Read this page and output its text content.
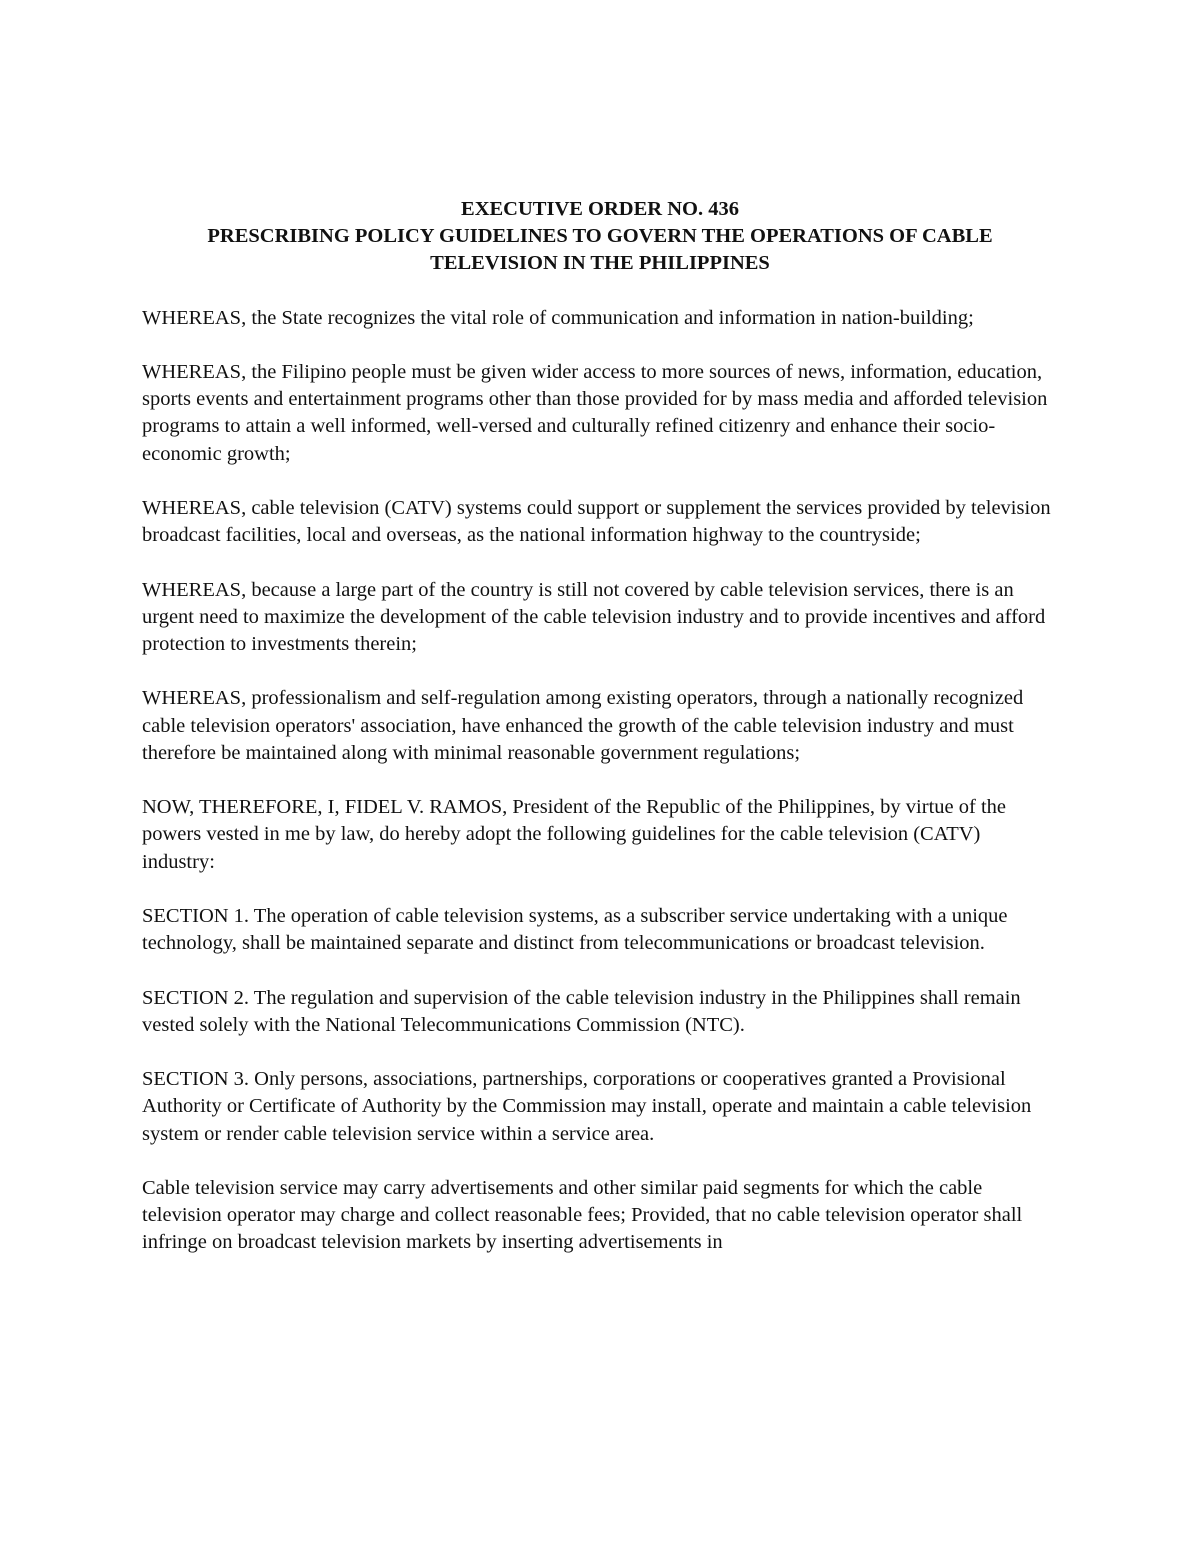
EXECUTIVE ORDER NO. 436
PRESCRIBING POLICY GUIDELINES TO GOVERN THE OPERATIONS OF CABLE
TELEVISION IN THE PHILIPPINES

WHEREAS, the State recognizes the vital role of communication and information in nation-building;

WHEREAS, the Filipino people must be given wider access to more sources of news, information, education, sports events and entertainment programs other than those provided for by mass media and afforded television programs to attain a well informed, well-versed and culturally refined citizenry and enhance their socio-economic growth;

WHEREAS, cable television (CATV) systems could support or supplement the services provided by television broadcast facilities, local and overseas, as the national information highway to the countryside;

WHEREAS, because a large part of the country is still not covered by cable television services, there is an urgent need to maximize the development of the cable television industry and to provide incentives and afford protection to investments therein;

WHEREAS, professionalism and self-regulation among existing operators, through a nationally recognized cable television operators' association, have enhanced the growth of the cable television industry and must therefore be maintained along with minimal reasonable government regulations;

NOW, THEREFORE, I, FIDEL V. RAMOS, President of the Republic of the Philippines, by virtue of the powers vested in me by law, do hereby adopt the following guidelines for the cable television (CATV) industry:

SECTION 1. The operation of cable television systems, as a subscriber service undertaking with a unique technology, shall be maintained separate and distinct from telecommunications or broadcast television.

SECTION 2. The regulation and supervision of the cable television industry in the Philippines shall remain vested solely with the National Telecommunications Commission (NTC).

SECTION 3. Only persons, associations, partnerships, corporations or cooperatives granted a Provisional Authority or Certificate of Authority by the Commission may install, operate and maintain a cable television system or render cable television service within a service area.

Cable television service may carry advertisements and other similar paid segments for which the cable television operator may charge and collect reasonable fees; Provided, that no cable television operator shall infringe on broadcast television markets by inserting advertisements in
